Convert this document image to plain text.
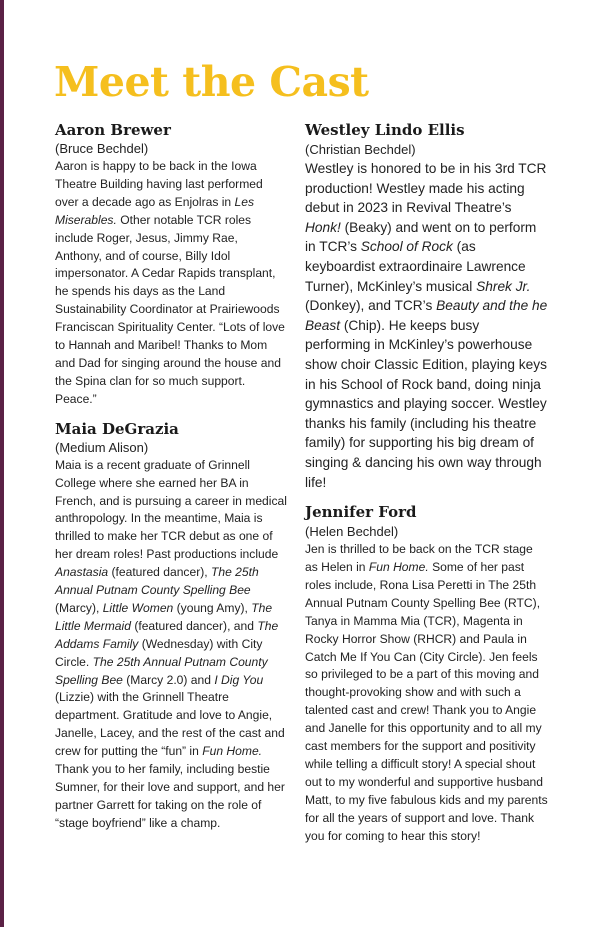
Meet the Cast
Aaron Brewer
(Bruce Bechdel)

Aaron is happy to be back in the Iowa Theatre Building having last performed over a decade ago as Enjolras in Les Miserables. Other notable TCR roles include Roger, Jesus, Jimmy Rae, Anthony, and of course, Billy Idol impersonator. A Cedar Rapids transplant, he spends his days as the Land Sustainability Coordinator at Prairiewoods Franciscan Spirituality Center. “Lots of love to Hannah and Maribel! Thanks to Mom and Dad for singing around the house and the Spina clan for so much support. Peace.”

Maia DeGrazia
(Medium Alison)

Maia is a recent graduate of Grinnell College where she earned her BA in French, and is pursuing a career in medical anthropology. In the meantime, Maia is thrilled to make her TCR debut as one of her dream roles! Past productions include Anastasia (featured dancer), The 25th Annual Putnam County Spelling Bee (Marcy), Little Women (young Amy), The Little Mermaid (featured dancer), and The Addams Family (Wednesday) with City Circle. The 25th Annual Putnam County Spelling Bee (Marcy 2.0) and I Dig You (Lizzie) with the Grinnell Theatre department. Gratitude and love to Angie, Janelle, Lacey, and the rest of the cast and crew for putting the “fun” in Fun Home. Thank you to her family, including bestie Sumner, for their love and support, and her partner Garrett for taking on the role of “stage boyfriend” like a champ.

Westley Lindo Ellis
(Christian Bechdel)

Westley is honored to be in his 3rd TCR production! Westley made his acting debut in 2023 in Revival Theatre’s Honk! (Beaky) and went on to perform in TCR’s School of Rock (as keyboardist extraordinaire Lawrence Turner), McKinley’s musical Shrek Jr. (Donkey), and TCR’s Beauty and the he Beast (Chip). He keeps busy performing in McKinley’s powerhouse show choir Classic Edition, playing keys in his School of Rock band, doing ninja gymnastics and playing soccer. Westley thanks his family (including his theatre family) for supporting his big dream of singing & dancing his own way through life!

Jennifer Ford
(Helen Bechdel)

Jen is thrilled to be back on the TCR stage as Helen in Fun Home. Some of her past roles include, Rona Lisa Peretti in The 25th Annual Putnam County Spelling Bee (RTC), Tanya in Mamma Mia (TCR), Magenta in Rocky Horror Show (RHCR) and Paula in Catch Me If You Can (City Circle). Jen feels so privileged to be a part of this moving and thought-provoking show and with such a talented cast and crew! Thank you to Angie and Janelle for this opportunity and to all my cast members for the support and positivity while telling a difficult story! A special shout out to my wonderful and supportive husband Matt, to my five fabulous kids and my parents for all the years of support and love. Thank you for coming to hear this story!
